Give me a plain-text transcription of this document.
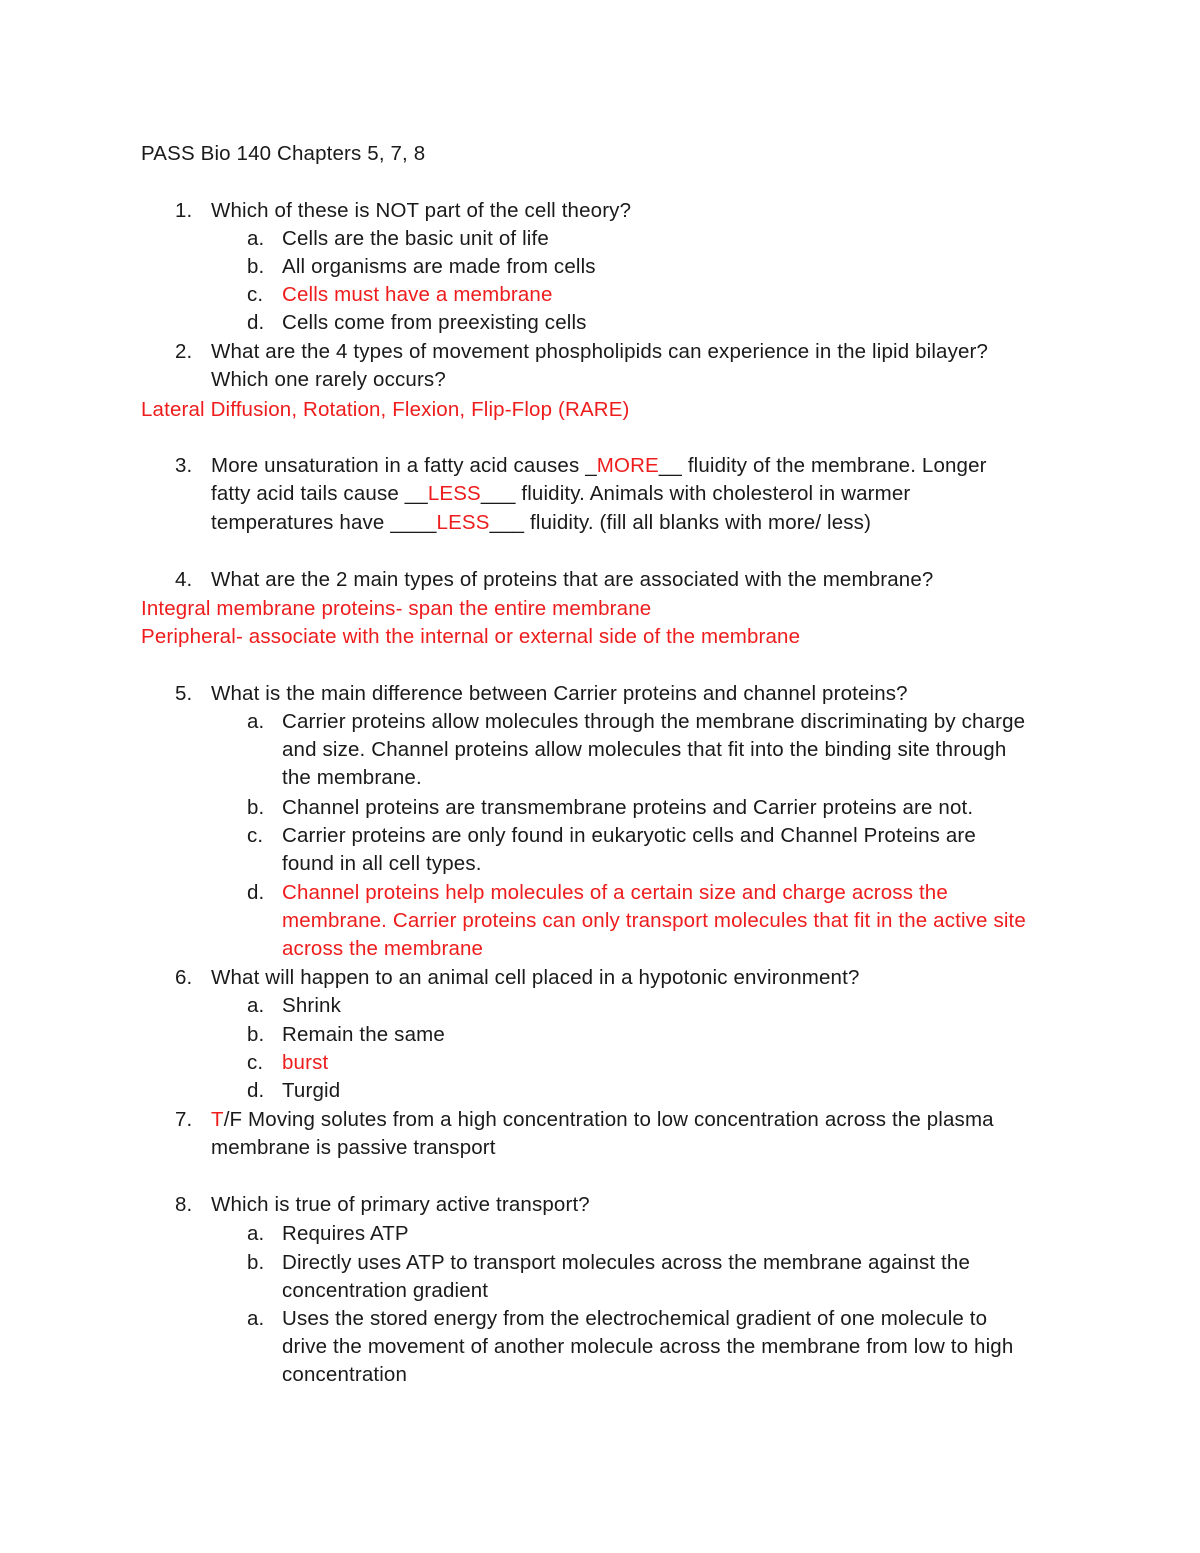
PASS Bio 140 Chapters 5, 7, 8
1. Which of these is NOT part of the cell theory?
a. Cells are the basic unit of life
b. All organisms are made from cells
c. Cells must have a membrane
d. Cells come from preexisting cells
2. What are the 4 types of movement phospholipids can experience in the lipid bilayer?
Which one rarely occurs?
Lateral Diffusion, Rotation, Flexion, Flip-Flop (RARE)
3. More unsaturation in a fatty acid causes _MORE__ fluidity of the membrane. Longer
fatty acid tails cause __LESS___ fluidity. Animals with cholesterol in warmer
temperatures have ____LESS___ fluidity. (fill all blanks with more/ less)
4. What are the 2 main types of proteins that are associated with the membrane?
Integral membrane proteins- span the entire membrane
Peripheral- associate with the internal or external side of the membrane
5. What is the main difference between Carrier proteins and channel proteins?
a. Carrier proteins allow molecules through the membrane discriminating by charge
and size. Channel proteins allow molecules that fit into the binding site through
the membrane.
b. Channel proteins are transmembrane proteins and Carrier proteins are not.
c. Carrier proteins are only found in eukaryotic cells and Channel Proteins are
found in all cell types.
d. Channel proteins help molecules of a certain size and charge across the
membrane. Carrier proteins can only transport molecules that fit in the active site
across the membrane
6. What will happen to an animal cell placed in a hypotonic environment?
a. Shrink
b. Remain the same
c. burst
d. Turgid
7. T/F Moving solutes from a high concentration to low concentration across the plasma
membrane is passive transport
8. Which is true of primary active transport?
a. Requires ATP
b. Directly uses ATP to transport molecules across the membrane against the
concentration gradient
a. Uses the stored energy from the electrochemical gradient of one molecule to
drive the movement of another molecule across the membrane from low to high
concentration
